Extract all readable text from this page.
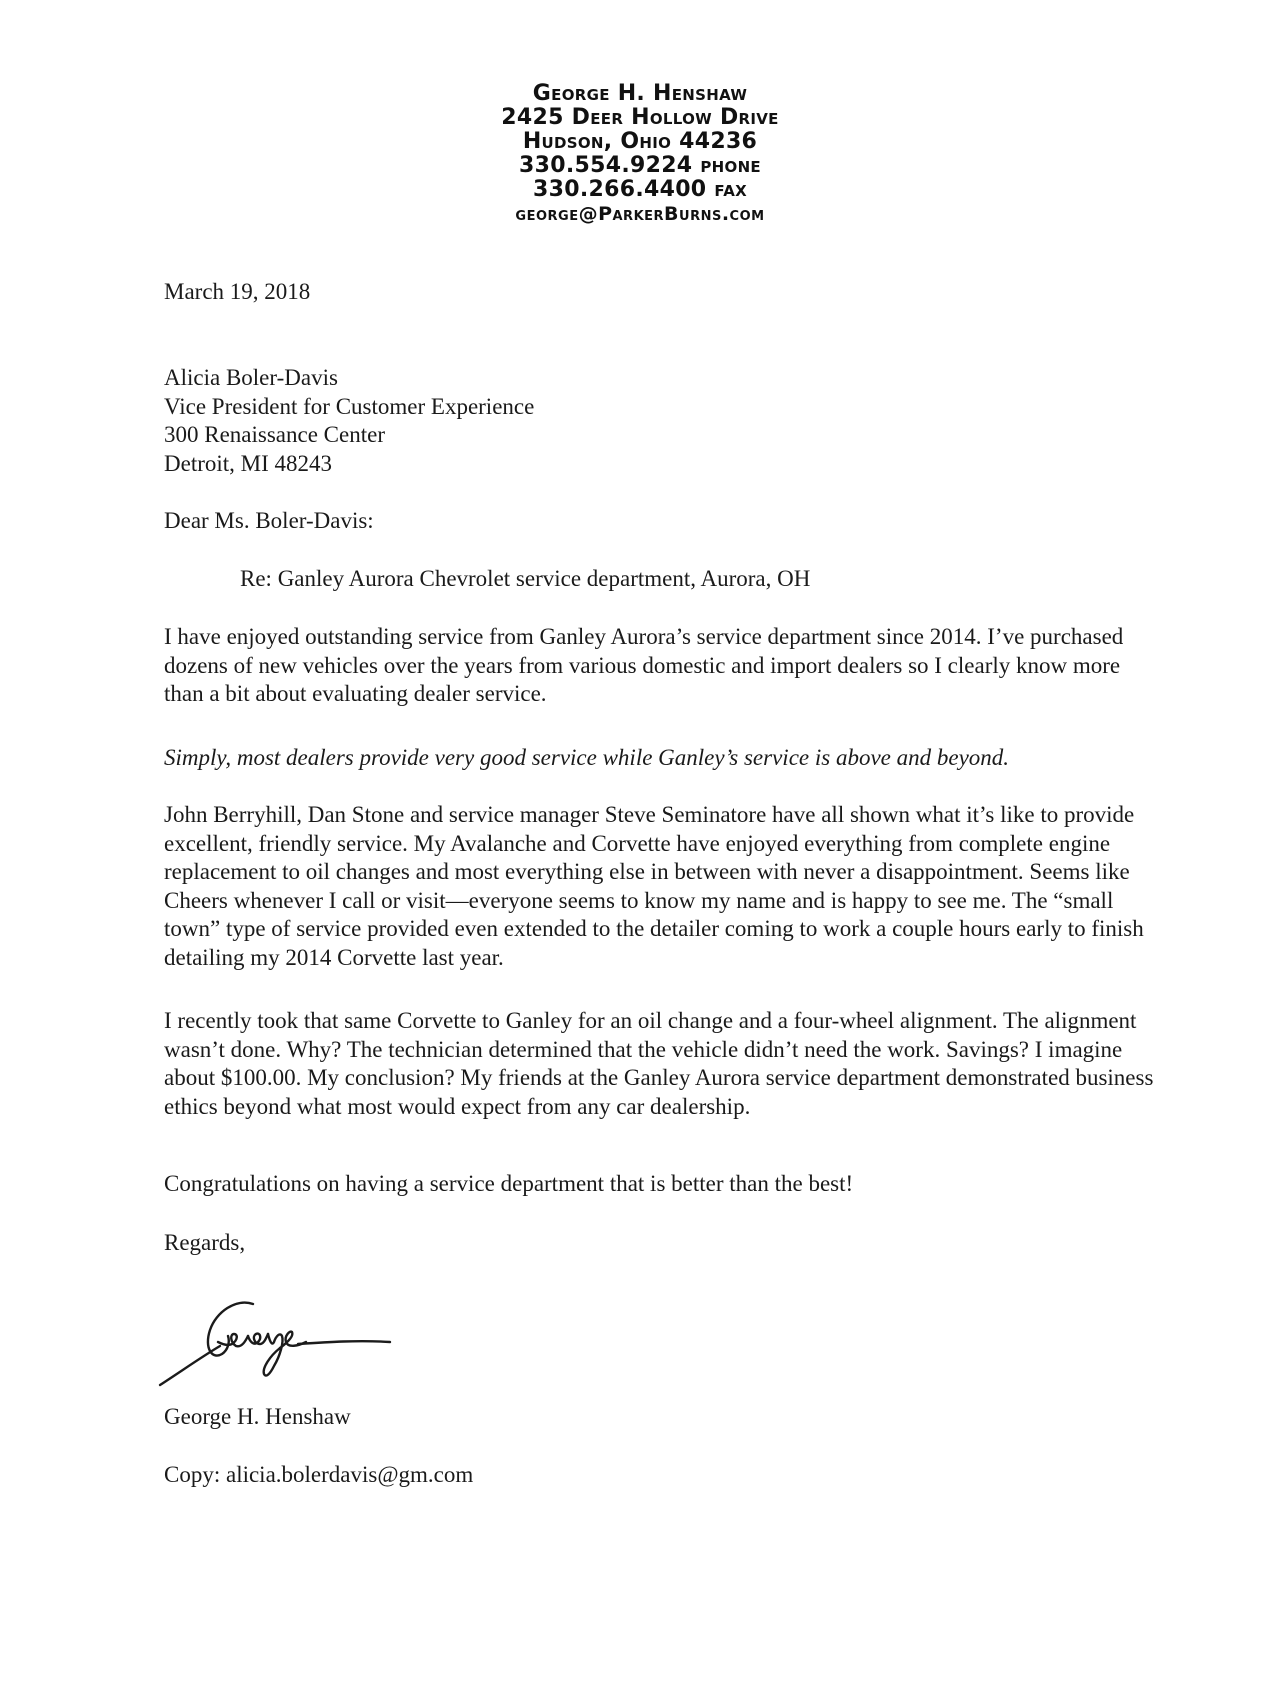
George H. Henshaw
2425 Deer Hollow Drive
Hudson, Ohio 44236
330.554.9224 phone
330.266.4400 fax
george@ParkerBurns.com
March 19, 2018
Alicia Boler-Davis
Vice President for Customer Experience
300 Renaissance Center
Detroit, MI 48243
Dear Ms. Boler-Davis:
Re: Ganley Aurora Chevrolet service department, Aurora, OH
I have enjoyed outstanding service from Ganley Aurora’s service department since 2014. I’ve purchased dozens of new vehicles over the years from various domestic and import dealers so I clearly know more than a bit about evaluating dealer service.
Simply, most dealers provide very good service while Ganley’s service is above and beyond.
John Berryhill, Dan Stone and service manager Steve Seminatore have all shown what it’s like to provide excellent, friendly service. My Avalanche and Corvette have enjoyed everything from complete engine replacement to oil changes and most everything else in between with never a disappointment. Seems like Cheers whenever I call or visit—everyone seems to know my name and is happy to see me. The “small town” type of service provided even extended to the detailer coming to work a couple hours early to finish detailing my 2014 Corvette last year.
I recently took that same Corvette to Ganley for an oil change and a four-wheel alignment. The alignment wasn’t done. Why? The technician determined that the vehicle didn’t need the work. Savings? I imagine about $100.00. My conclusion? My friends at the Ganley Aurora service department demonstrated business ethics beyond what most would expect from any car dealership.
Congratulations on having a service department that is better than the best!
Regards,
George H. Henshaw
Copy: alicia.bolerdavis@gm.com
